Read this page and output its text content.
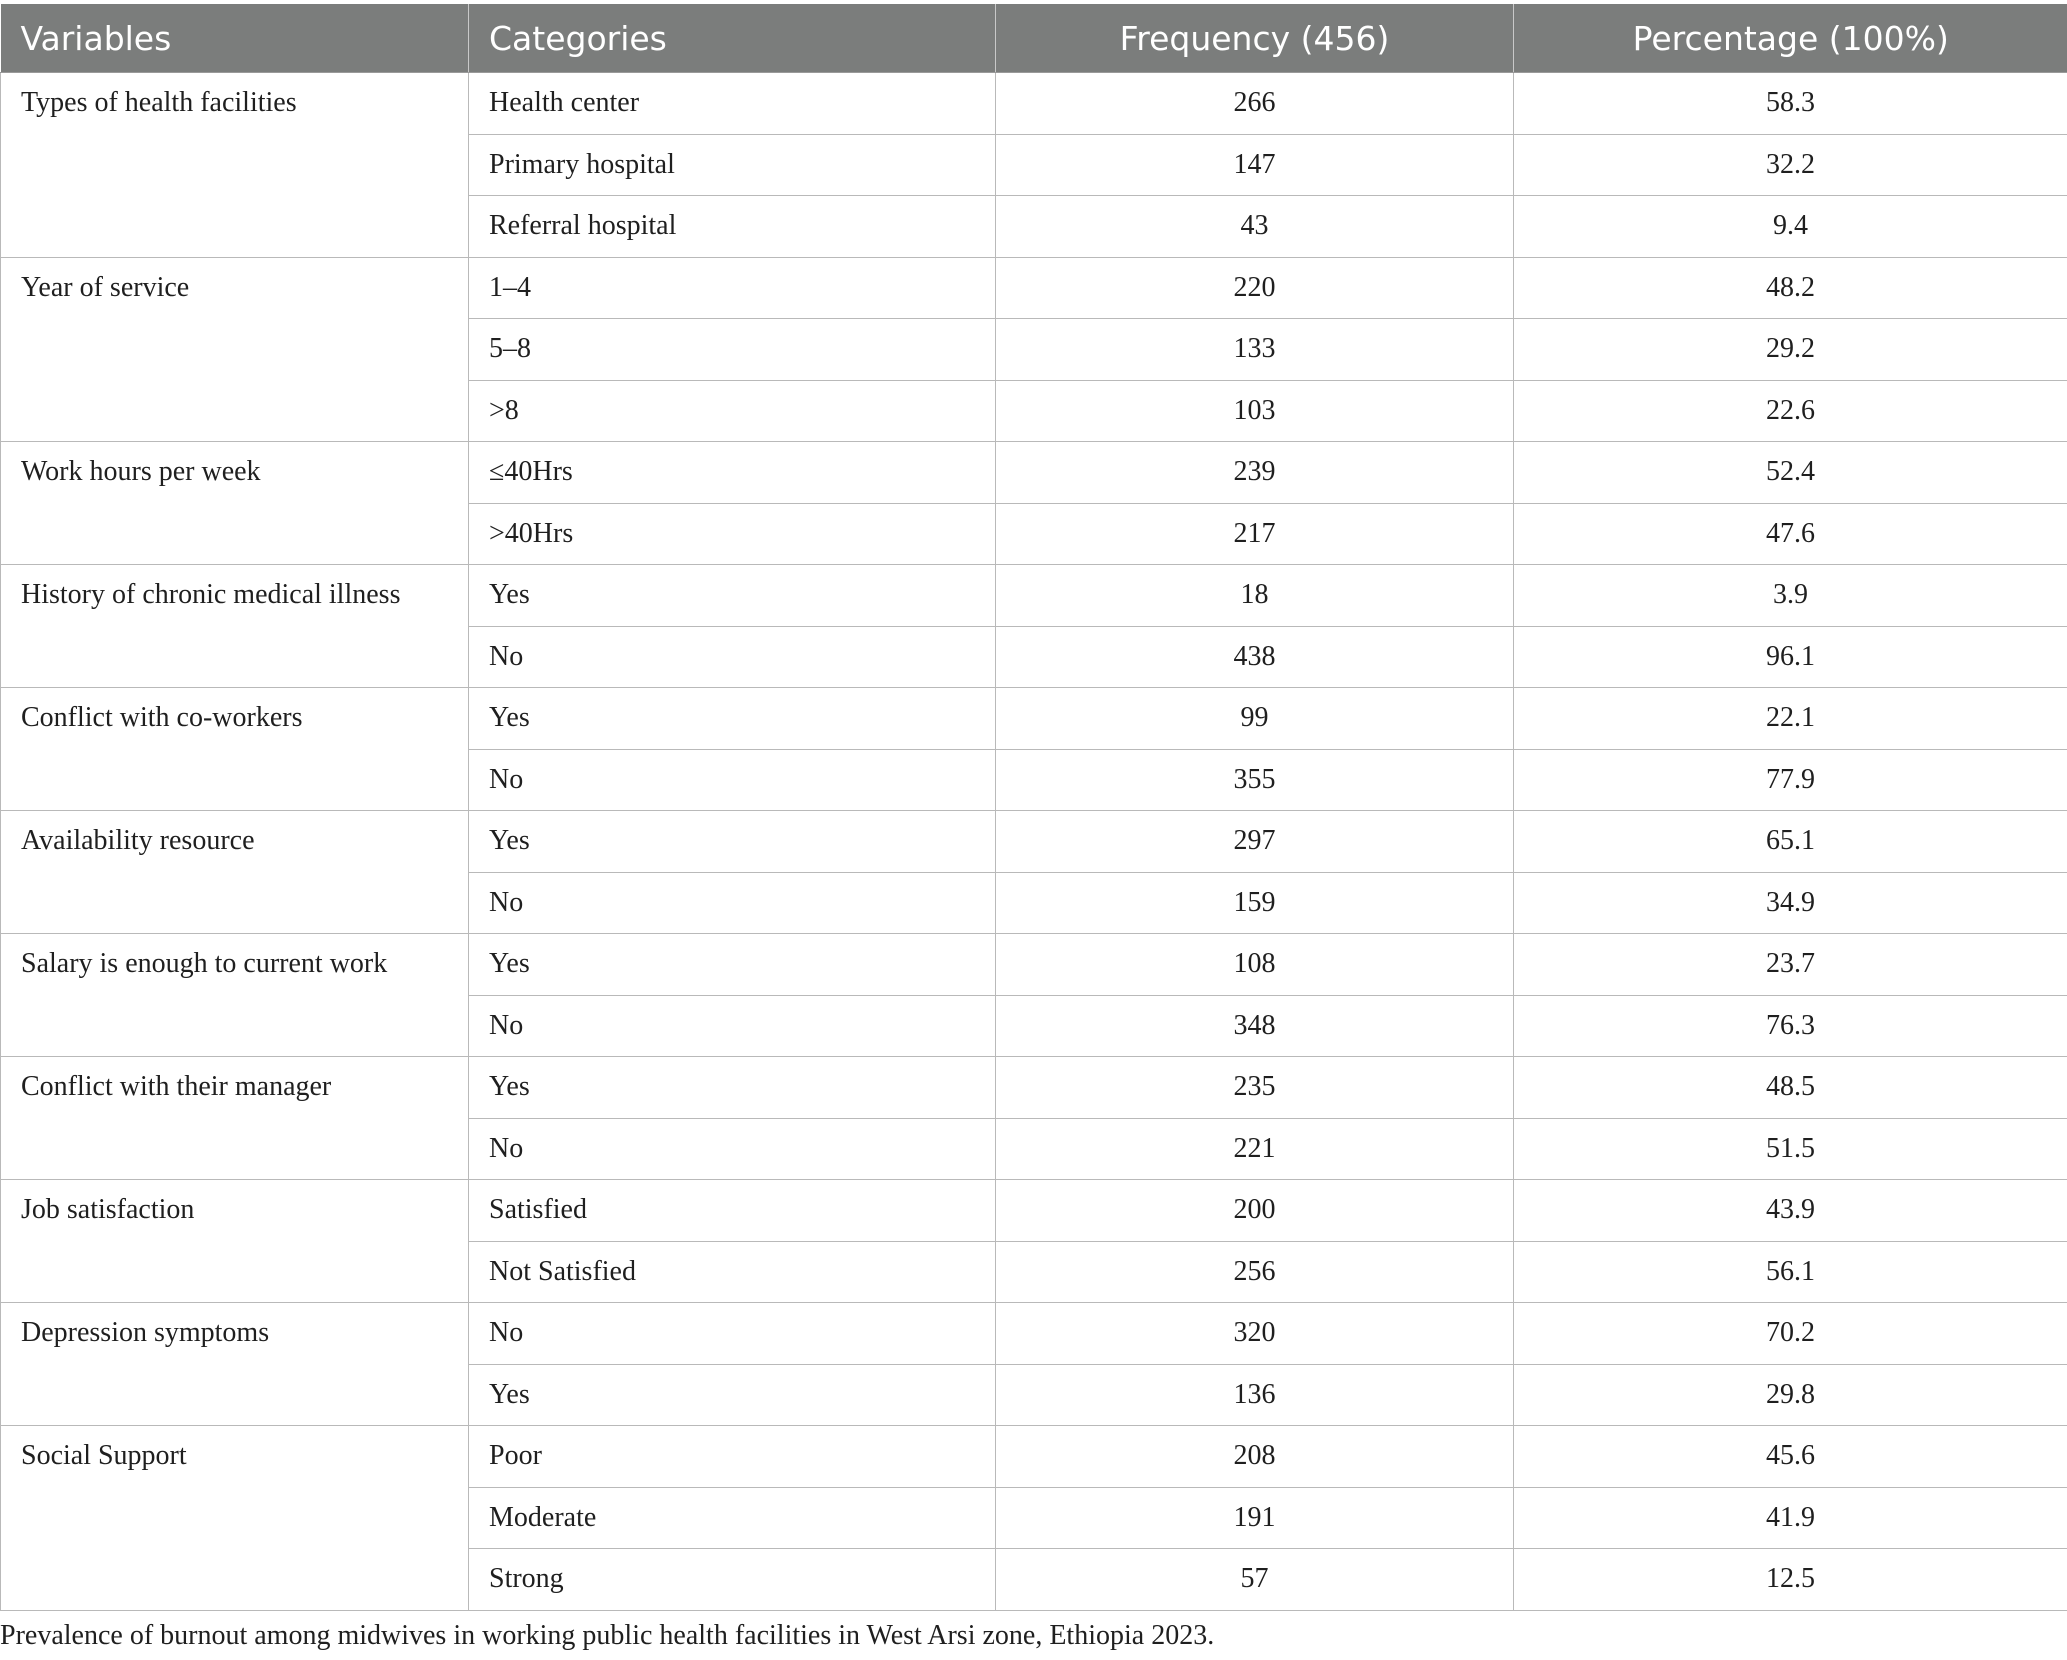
Variables	Categories	Frequency (456)	Percentage (100%)
Types of health facilities	Health center	266	58.3
	Primary hospital	147	32.2
	Referral hospital	43	9.4
Year of service	1–4	220	48.2
	5–8	133	29.2
	>8	103	22.6
Work hours per week	≤40Hrs	239	52.4
	>40Hrs	217	47.6
History of chronic medical illness	Yes	18	3.9
	No	438	96.1
Conflict with co-workers	Yes	99	22.1
	No	355	77.9
Availability resource	Yes	297	65.1
	No	159	34.9
Salary is enough to current work	Yes	108	23.7
	No	348	76.3
Conflict with their manager	Yes	235	48.5
	No	221	51.5
Job satisfaction	Satisfied	200	43.9
	Not Satisfied	256	56.1
Depression symptoms	No	320	70.2
	Yes	136	29.8
Social Support	Poor	208	45.6
	Moderate	191	41.9
	Strong	57	12.5
Prevalence of burnout among midwives in working public health facilities in West Arsi zone, Ethiopia 2023.
